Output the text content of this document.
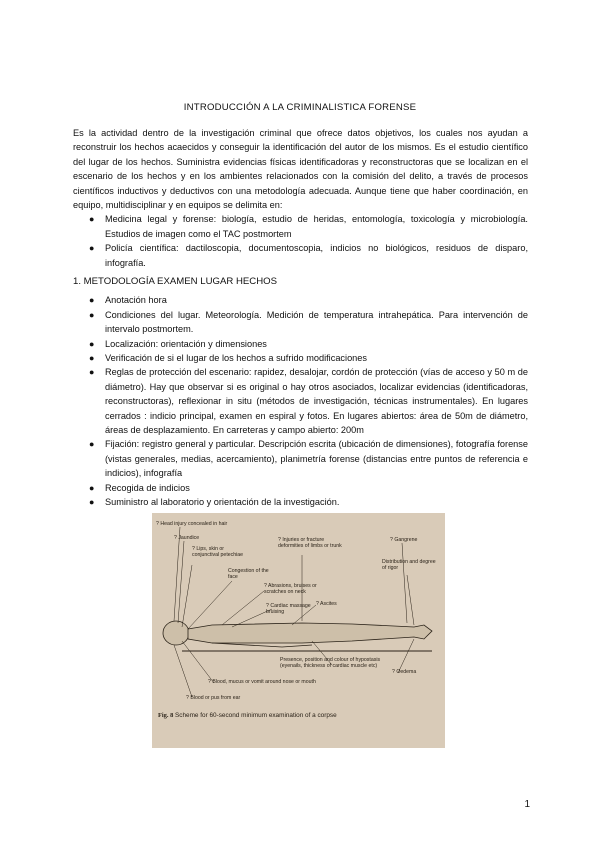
INTRODUCCIÓN A LA CRIMINALISTICA FORENSE
Es la actividad dentro de la investigación criminal que ofrece datos objetivos, los cuales nos ayudan a reconstruir los hechos acaecidos y conseguir la identificación del autor de los mismos. Es el estudio científico del lugar de los hechos. Suministra evidencias físicas identificadoras y reconstructoras que se localizan en el escenario de los hechos y en los ambientes relacionados con la comisión del delito, a través de procesos científicos inductivos y deductivos con una metodología adecuada. Aunque tiene que haber coordinación, en equipo, multidisciplinar y en equipos se delimita en:
● Medicina legal y forense: biología, estudio de heridas, entomología, toxicología y microbiología. Estudios de imagen como el TAC postmortem
● Policía científica: dactiloscopia, documentoscopia, indicios no biológicos, residuos de disparo, infografía.
1. METODOLOGÍA EXAMEN LUGAR HECHOS
● Anotación hora
● Condiciones del lugar. Meteorología. Medición de temperatura intrahepática. Para intervención de intervalo postmortem.
● Localización: orientación y dimensiones
● Verificación de si el lugar de los hechos a sufrido modificaciones
● Reglas de protección del escenario: rapidez, desalojar, cordón de protección (vías de acceso y 50 m de diámetro). Hay que observar si es original o hay otros asociados, localizar evidencias (identificadoras, reconstructoras), reflexionar in situ (métodos de investigación, técnicas instrumentales). En lugares cerrados : indicio principal, examen en espiral y fotos. En lugares abiertos: área de 50m de diámetro, áreas de desplazamiento. En carreteras y campo abierto: 200m
● Fijación: registro general y particular. Descripción escrita (ubicación de dimensiones), fotografía forense (vistas generales, medias, acercamiento), planimetría forense (distancias entre puntos de referencia e indicios), infografía
● Recogida de indicios
● Suministro al laboratorio y orientación de la investigación.
? Head injury concealed in hair
? Jaundice
? Lips, skin or conjunctival petechiae
Congestion of the face
? Injuries or fracture deformities of limbs or trunk
? Gangrene
Distribution and degree of rigor
? Abrasions, bruises or scratches on neck
? Cardiac massage bruising
? Ascites
Presence, position and colour of hypostasis (eyenails, thickness of cardiac muscle etc)
? Oedema
? Blood, mucus or vomit around nose or mouth
? Blood or pus from ear
Fig. 8 Scheme for 60-second minimum examination of a corpse
1
